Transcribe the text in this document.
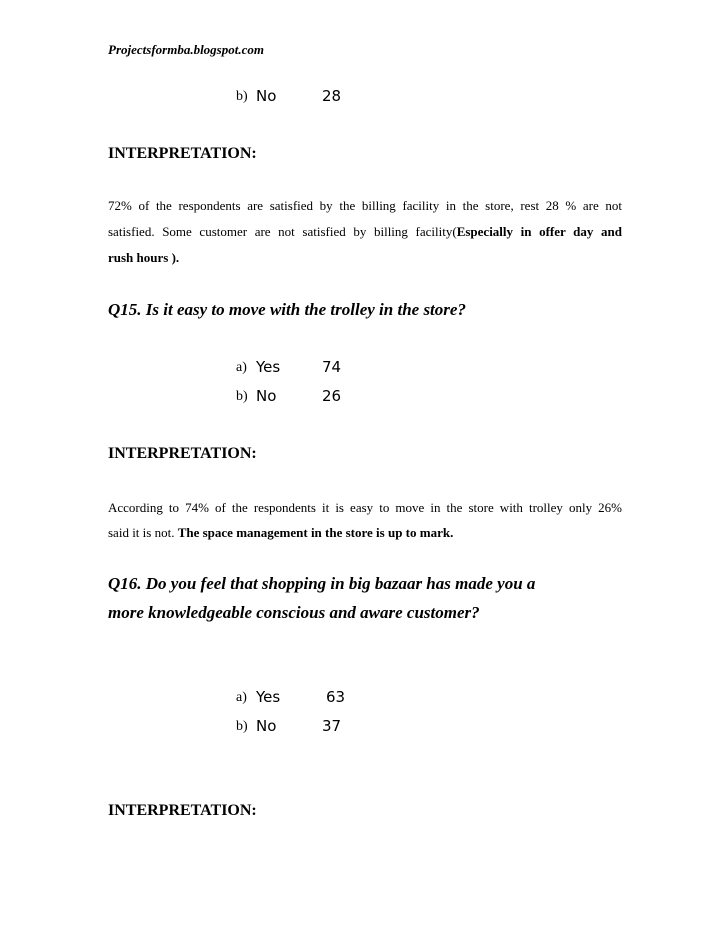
Projectsformba.blogspot.com
b) No	28
INTERPRETATION:
72% of the respondents are satisfied by the billing facility in the store, rest 28 % are not
satisfied. Some customer are not satisfied by billing facility(Especially in offer day and
rush hours ).
Q15. Is it easy to move with the trolley in the store?
a) Yes	74
b) No	26
INTERPRETATION:
According to 74% of the respondents it is easy to move in the store with trolley only 26%
said it is not. The space management in the store is up to mark.
Q16. Do you feel that shopping in big bazaar has made you a
more knowledgeable conscious and aware customer?
a) Yes	63
b) No	37
INTERPRETATION:
